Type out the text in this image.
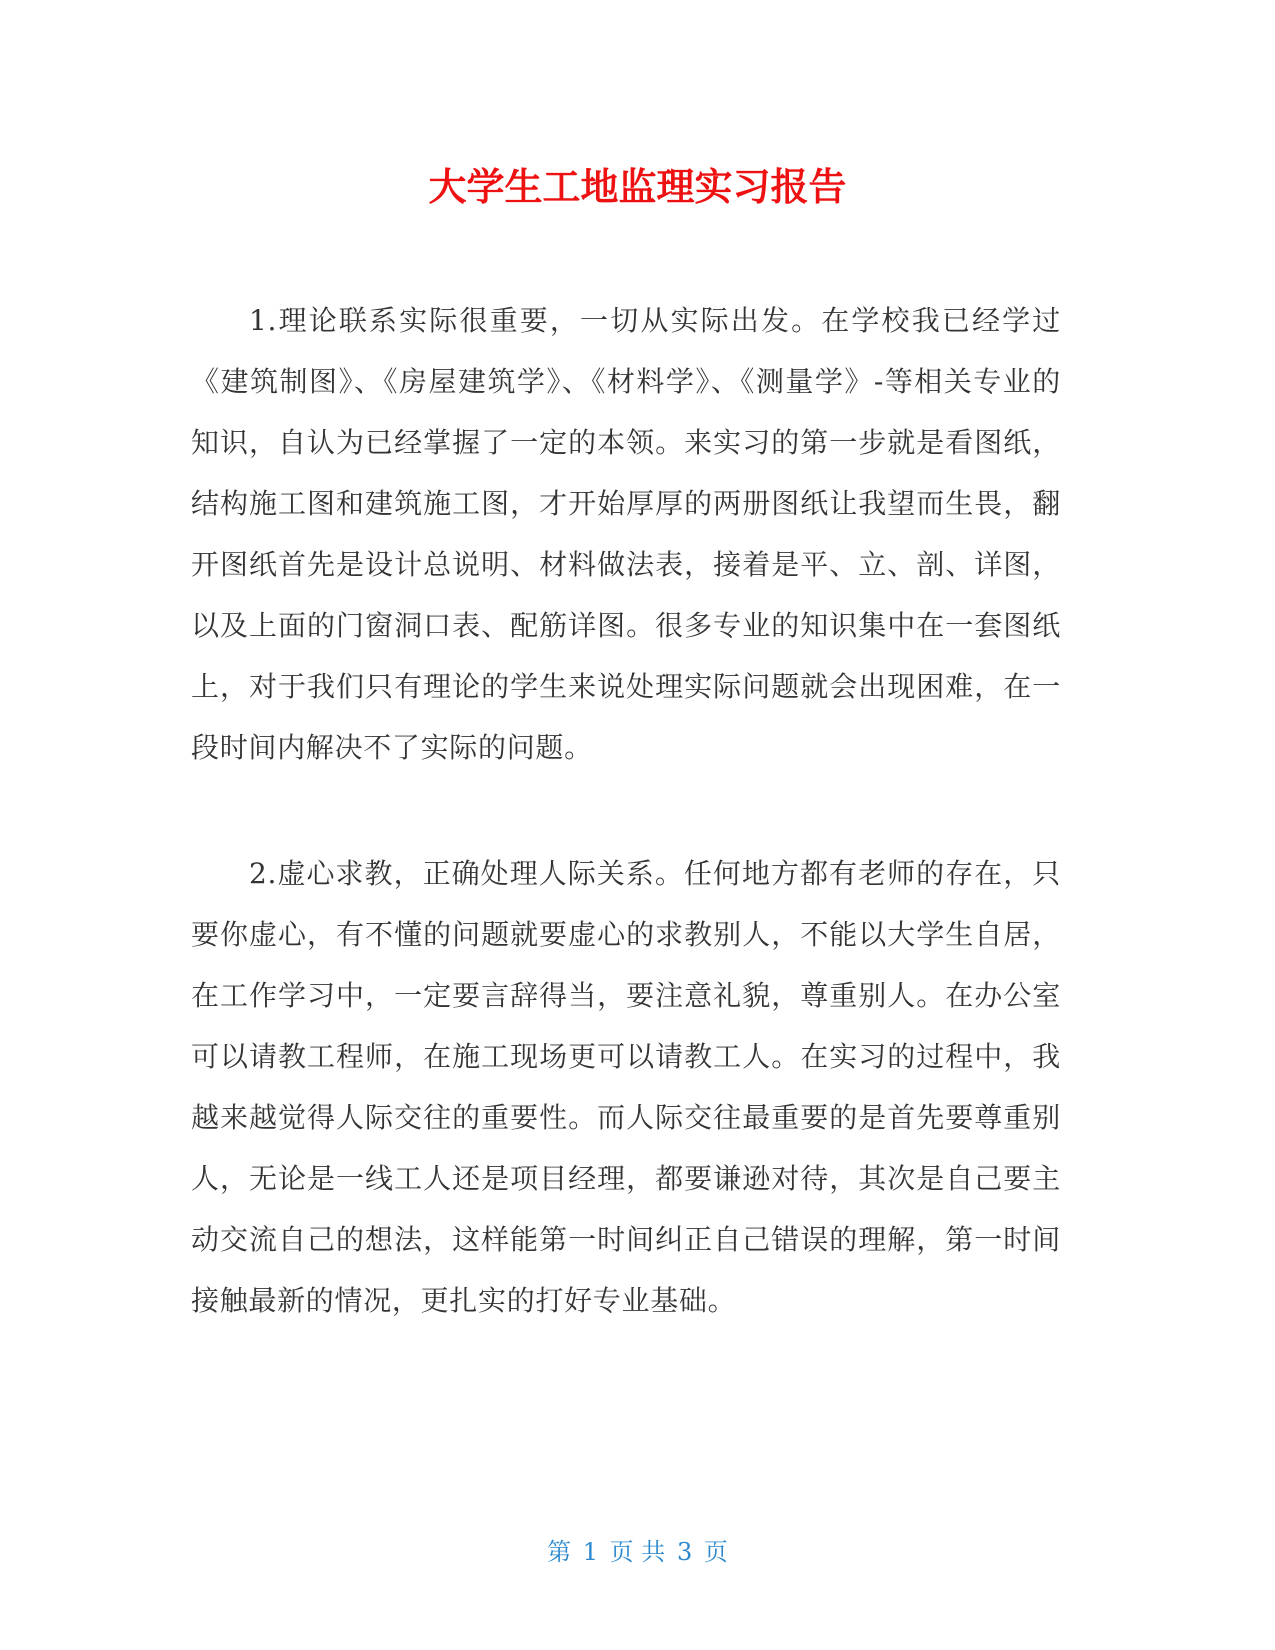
大学生工地监理实习报告

1.理论联系实际很重要，一切从实际出发。在学校我已经学过《建筑制图》、《房屋建筑学》、《材料学》、《测量学》-等相关专业的知识，自认为已经掌握了一定的本领。来实习的第一步就是看图纸，结构施工图和建筑施工图，才开始厚厚的两册图纸让我望而生畏，翻开图纸首先是设计总说明、材料做法表，接着是平、立、剖、详图，以及上面的门窗洞口表、配筋详图。很多专业的知识集中在一套图纸上，对于我们只有理论的学生来说处理实际问题就会出现困难，在一段时间内解决不了实际的问题。

2.虚心求教，正确处理人际关系。任何地方都有老师的存在，只要你虚心，有不懂的问题就要虚心的求教别人，不能以大学生自居，在工作学习中，一定要言辞得当，要注意礼貌，尊重别人。在办公室可以请教工程师，在施工现场更可以请教工人。在实习的过程中，我越来越觉得人际交往的重要性。而人际交往最重要的是首先要尊重别人，无论是一线工人还是项目经理，都要谦逊对待，其次是自己要主动交流自己的想法，这样能第一时间纠正自己错误的理解，第一时间接触最新的情况，更扎实的打好专业基础。

第 1 页 共 3 页
